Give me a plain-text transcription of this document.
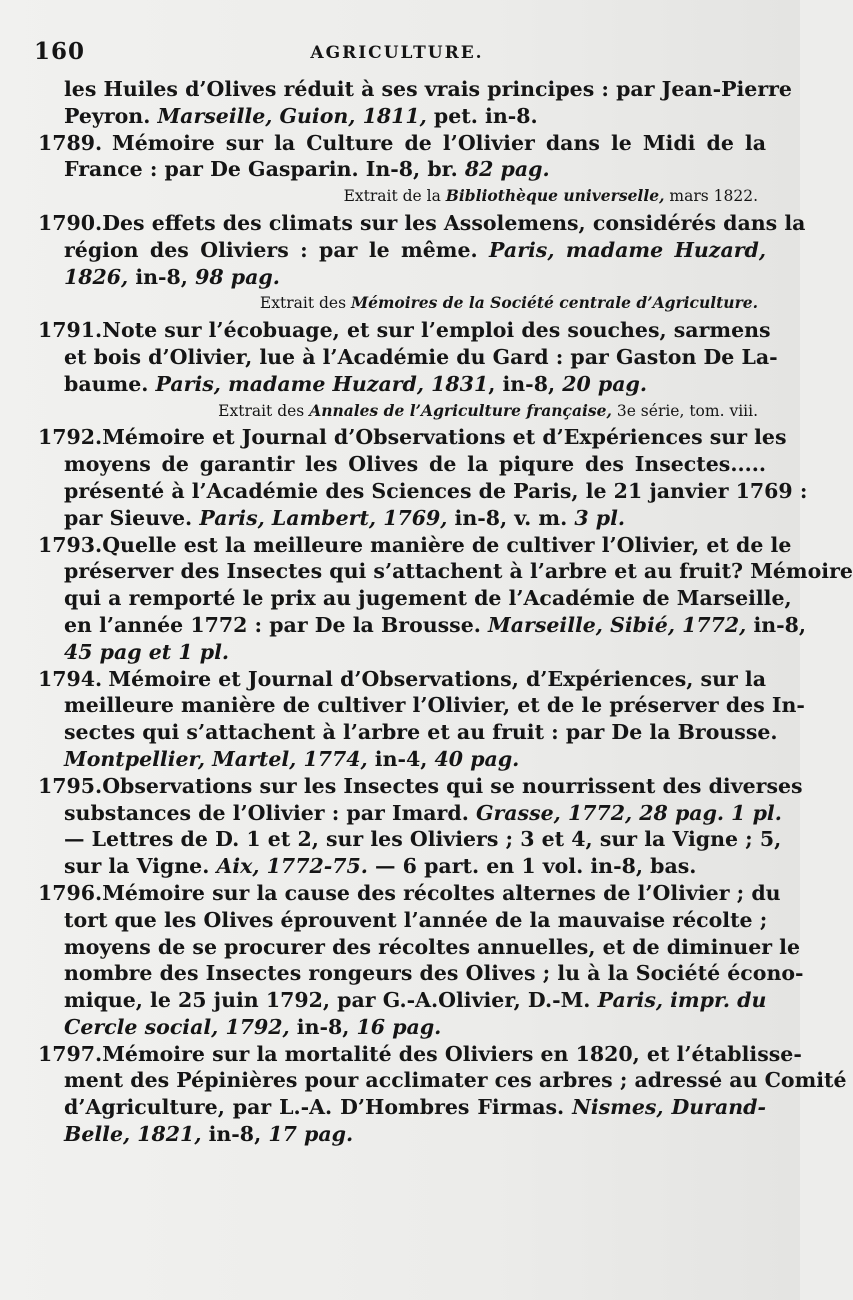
160	AGRICULTURE.
les Huiles d’Olives réduit à ses vrais principes : par Jean-Pierre
Peyron. Marseille, Guion, 1811, pet. in-8.
1789. Mémoire sur la Culture de l’Olivier dans le Midi de la
France : par De Gasparin. In-8, br. 82 pag.
Extrait de la Bibliothèque universelle, mars 1822.
1790. Des effets des climats sur les Assolemens, considérés dans la
région des Oliviers : par le même. Paris, madame Huzard,
1826, in-8, 98 pag.
Extrait des Mémoires de la Société centrale d’Agriculture.
1791. Note sur l’écobuage, et sur l’emploi des souches, sarmens
et bois d’Olivier, lue à l’Académie du Gard : par Gaston De La-
baume. Paris, madame Huzard, 1831, in-8, 20 pag.
Extrait des Annales de l’Agriculture française, 3e série, tom. viii.
1792. Mémoire et Journal d’Observations et d’Expériences sur les
moyens de garantir les Olives de la piqure des Insectes.....
présenté à l’Académie des Sciences de Paris, le 21 janvier 1769 :
par Sieuve. Paris, Lambert, 1769, in-8, v. m. 3 pl.
1793. Quelle est la meilleure manière de cultiver l’Olivier, et de le
préserver des Insectes qui s’attachent à l’arbre et au fruit? Mémoire
qui a remporté le prix au jugement de l’Académie de Marseille,
en l’année 1772 : par De la Brousse. Marseille, Sibié, 1772, in-8,
45 pag et 1 pl.
1794. Mémoire et Journal d’Observations, d’Expériences, sur la
meilleure manière de cultiver l’Olivier, et de le préserver des In-
sectes qui s’attachent à l’arbre et au fruit : par De la Brousse.
Montpellier, Martel, 1774, in-4, 40 pag.
1795. Observations sur les Insectes qui se nourrissent des diverses
substances de l’Olivier : par Imard. Grasse, 1772, 28 pag. 1 pl.
— Lettres de D. 1 et 2, sur les Oliviers ; 3 et 4, sur la Vigne ; 5,
sur la Vigne. Aix, 1772-75. — 6 part. en 1 vol. in-8, bas.
1796. Mémoire sur la cause des récoltes alternes de l’Olivier ; du
tort que les Olives éprouvent l’année de la mauvaise récolte ;
moyens de se procurer des récoltes annuelles, et de diminuer le
nombre des Insectes rongeurs des Olives ; lu à la Société écono-
mique, le 25 juin 1792, par G.-A.Olivier, D.-M. Paris, impr. du
Cercle social, 1792, in-8, 16 pag.
1797. Mémoire sur la mortalité des Oliviers en 1820, et l’établisse-
ment des Pépinières pour acclimater ces arbres ; adressé au Comité
d’Agriculture, par L.-A. D’Hombres Firmas. Nismes, Durand-
Belle, 1821, in-8, 17 pag.
